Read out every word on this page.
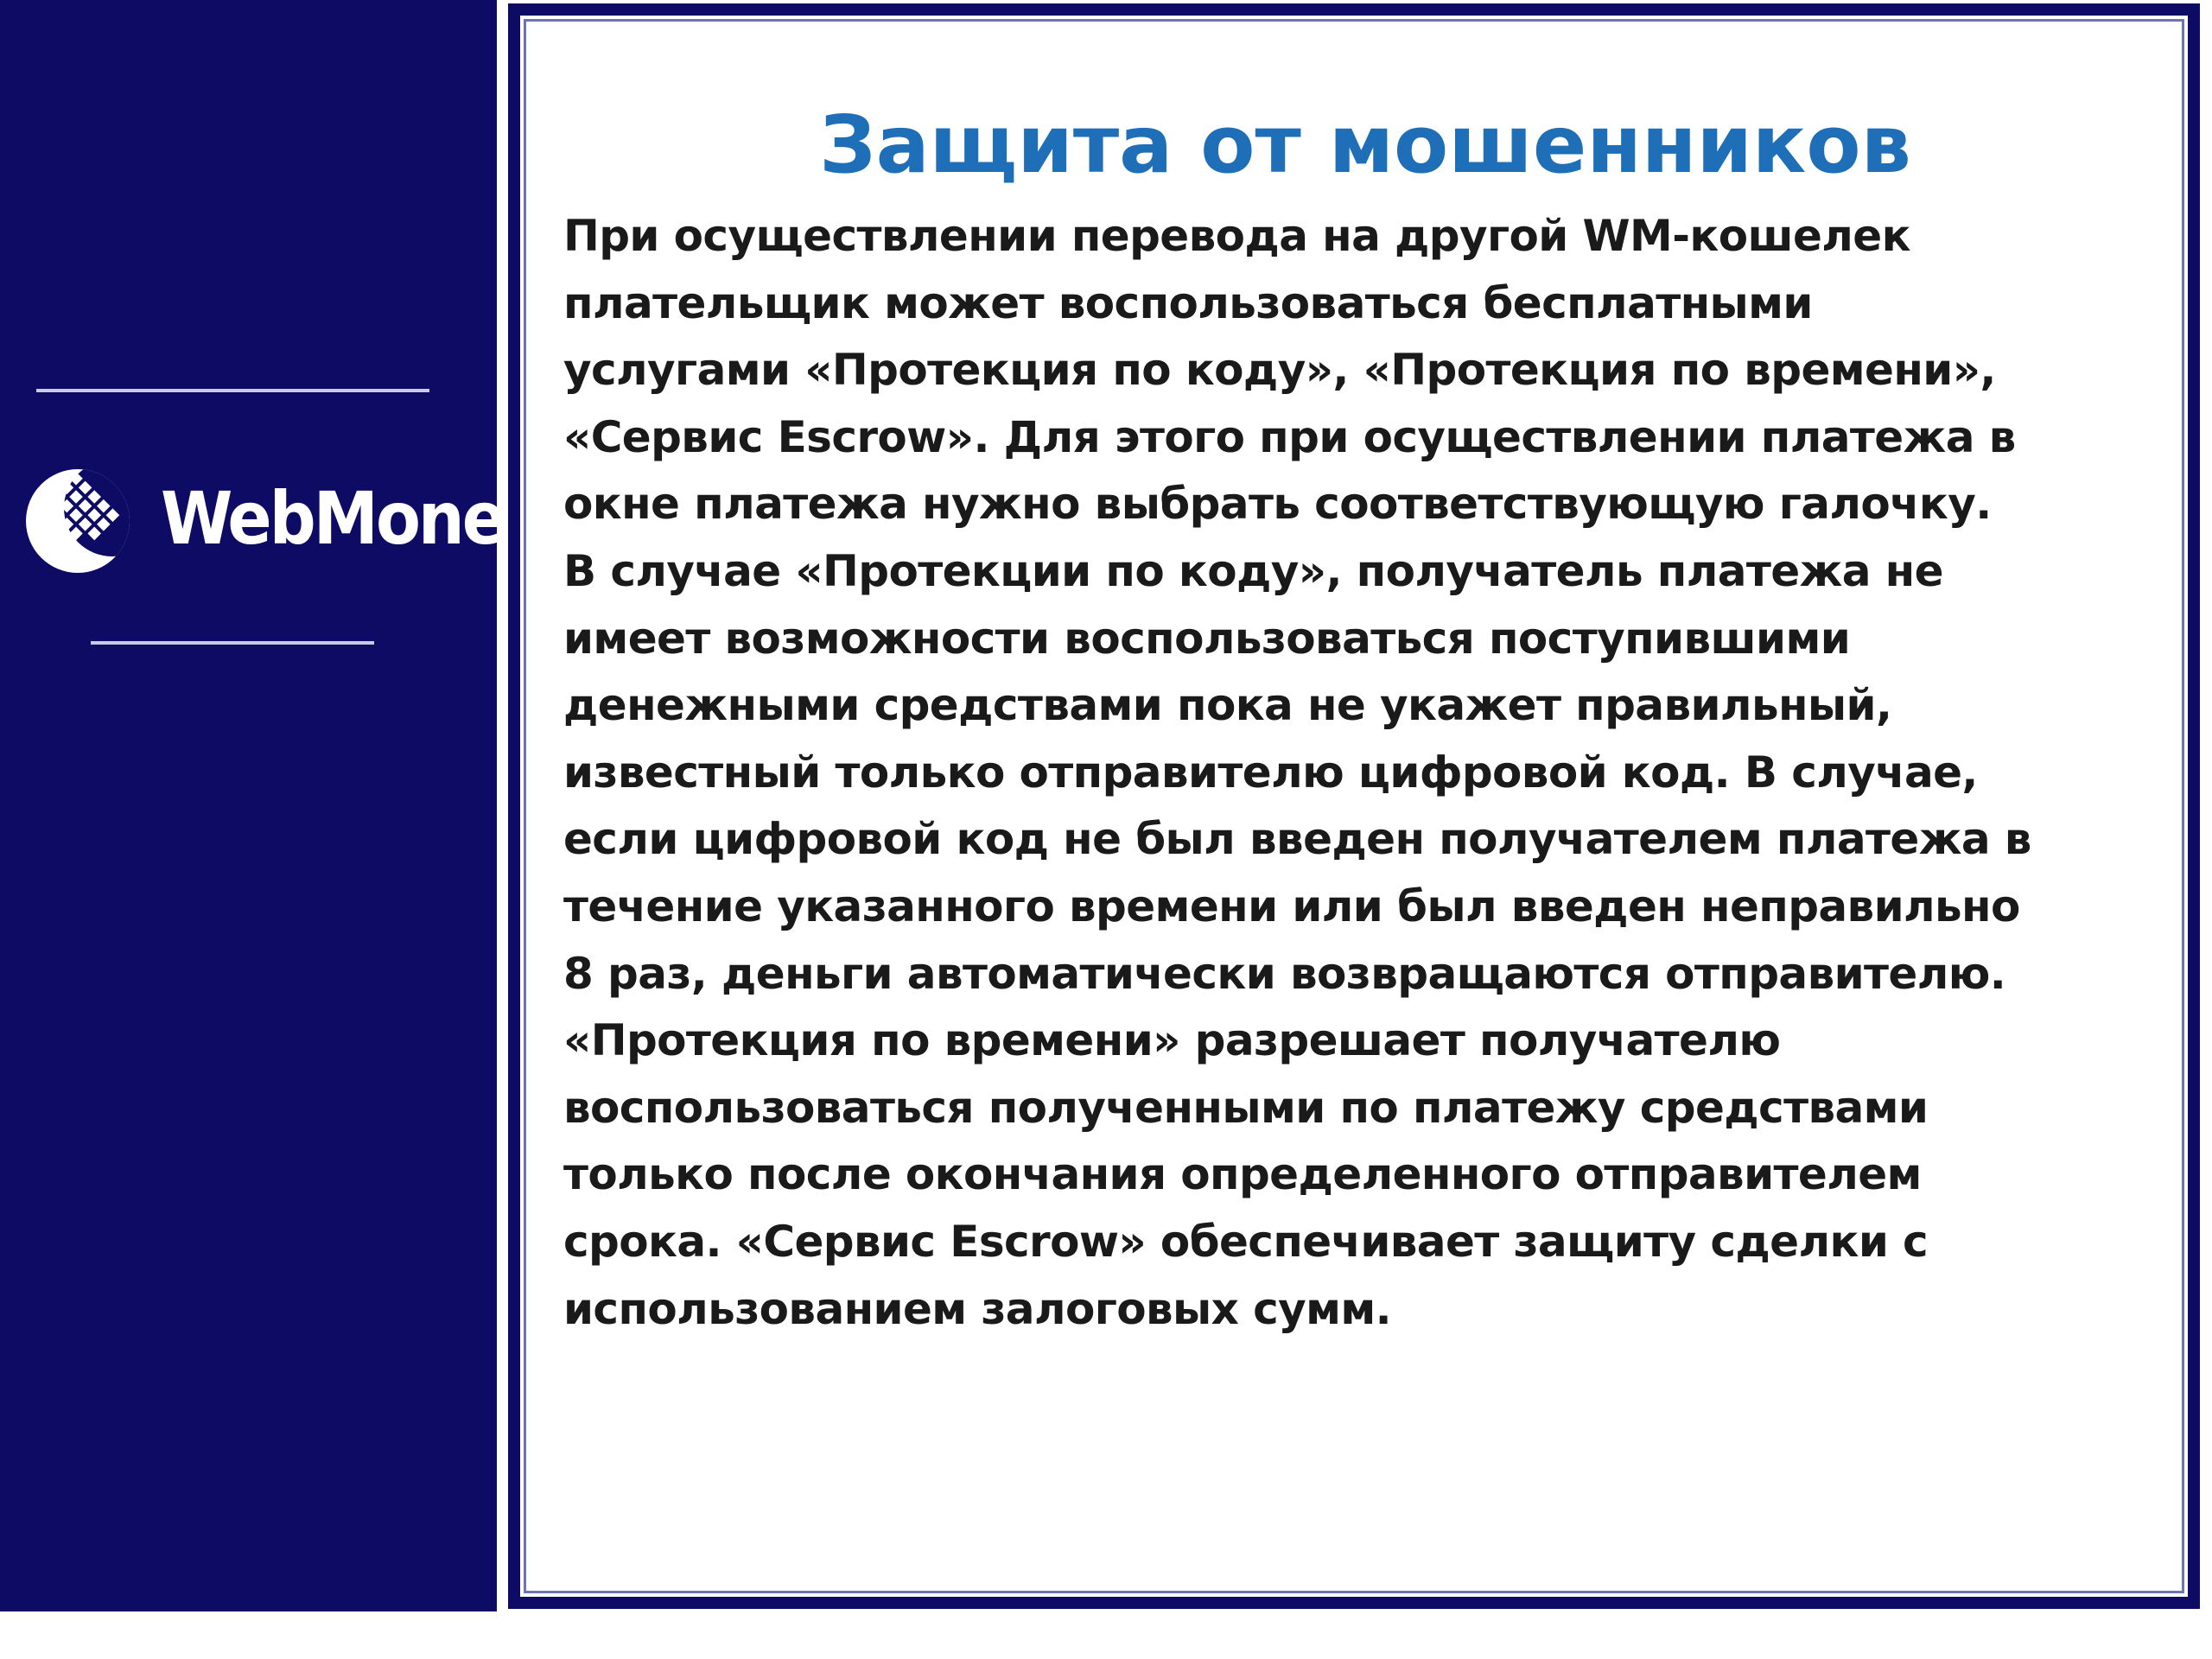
WebMoney
Защита от мошенников

При осуществлении перевода на другой WM-кошелек
плательщик может воспользоваться бесплатными
услугами «Протекция по коду», «Протекция по времени»,
«Сервис Escrow». Для этого при осуществлении платежа в
окне платежа нужно выбрать соответствующую галочку.
В случае «Протекции по коду», получатель платежа не
имеет возможности воспользоваться поступившими
денежными средствами пока не укажет правильный,
известный только отправителю цифровой код. В случае,
если цифровой код не был введен получателем платежа в
течение указанного времени или был введен неправильно
8 раз, деньги автоматически возвращаются отправителю.
«Протекция по времени» разрешает получателю
воспользоваться полученными по платежу средствами
только после окончания определенного отправителем
срока. «Сервис Escrow» обеспечивает защиту сделки с
использованием залоговых сумм.
